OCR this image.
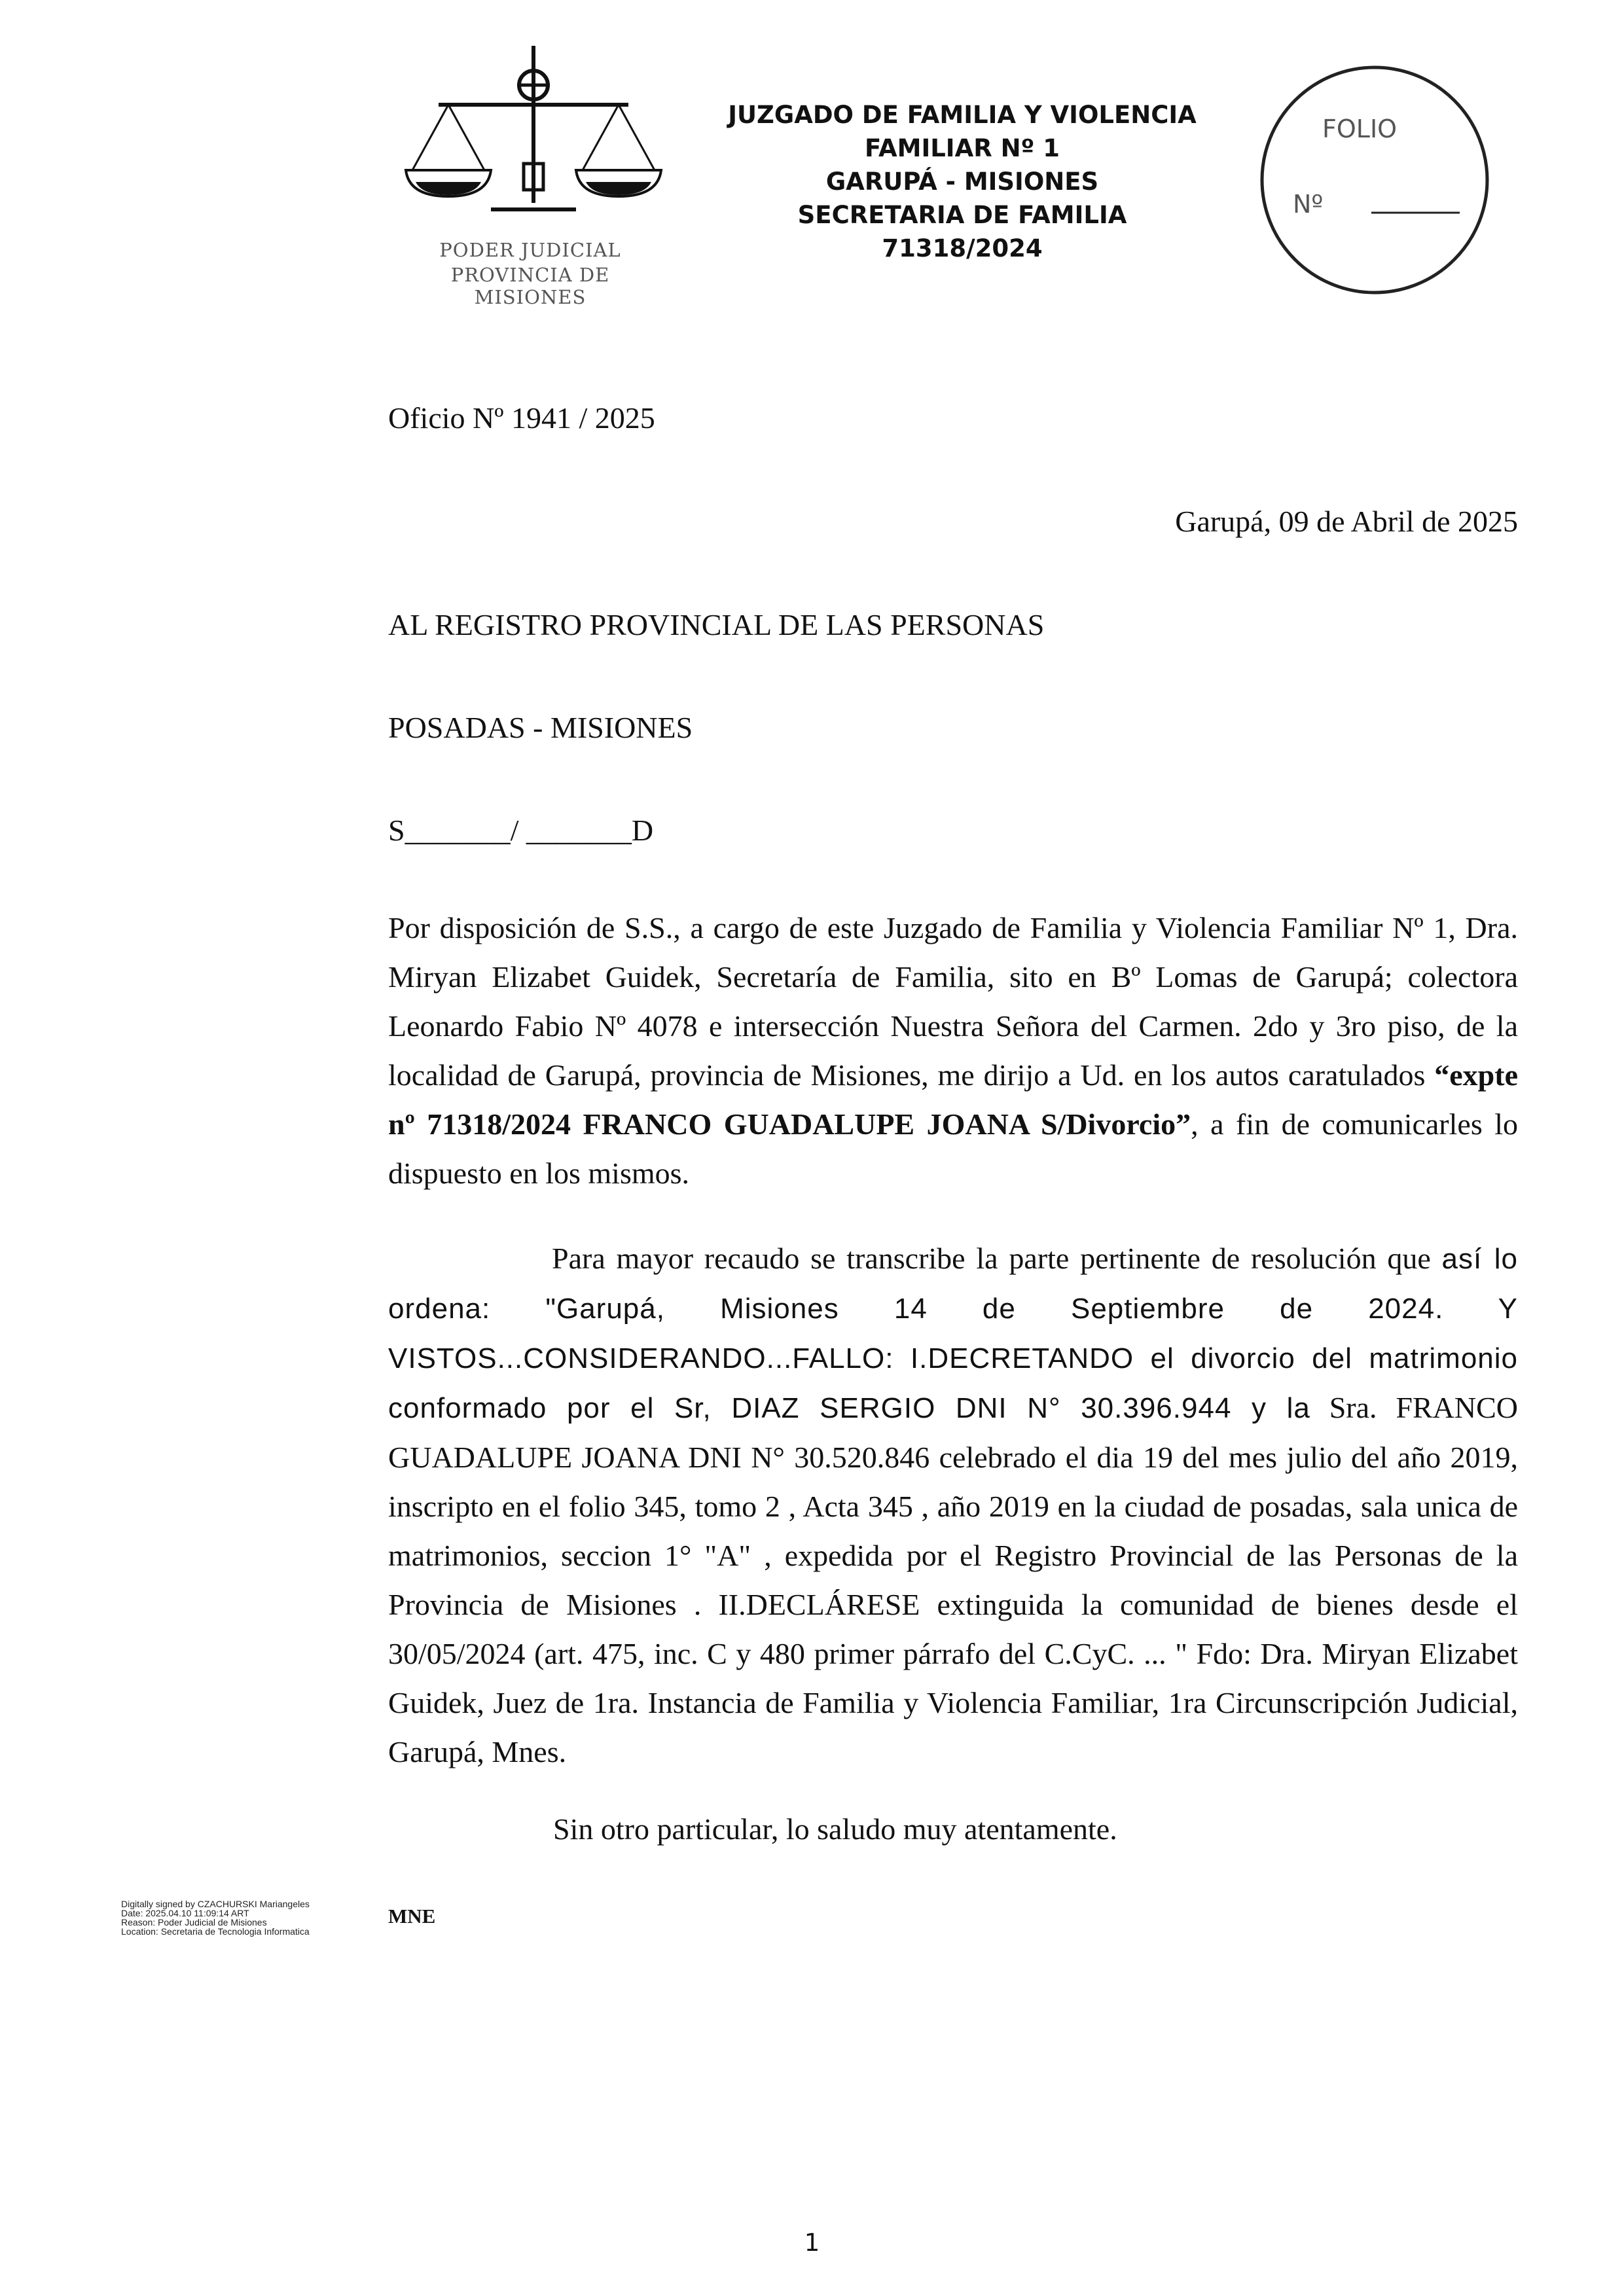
PODER JUDICIAL
PROVINCIA DE MISIONES
JUZGADO DE FAMILIA Y VIOLENCIA
FAMILIAR Nº 1
GARUPÁ - MISIONES
SECRETARIA DE FAMILIA
71318/2024
FOLIO
Nº
Oficio Nº 1941 / 2025
Garupá, 09 de Abril de 2025
AL REGISTRO PROVINCIAL DE LAS PERSONAS
POSADAS - MISIONES
S_______/ _______D
Por disposición de S.S., a cargo de este Juzgado de Familia y Violencia Familiar Nº 1, Dra. Miryan Elizabet Guidek, Secretaría de Familia, sito en Bº Lomas de Garupá; colectora Leonardo Fabio Nº 4078 e intersección Nuestra Señora del Carmen. 2do y 3ro piso, de la localidad de Garupá, provincia de Misiones, me dirijo a Ud. en los autos caratulados “expte nº 71318/2024 FRANCO GUADALUPE JOANA S/Divorcio”, a fin de comunicarles lo dispuesto en los mismos.
Para mayor recaudo se transcribe la parte pertinente de resolución que así lo ordena: "Garupá, Misiones 14 de Septiembre de 2024. Y VISTOS...CONSIDERANDO...FALLO: I.DECRETANDO el divorcio del matrimonio conformado por el Sr, DIAZ SERGIO DNI N° 30.396.944 y la Sra. FRANCO GUADALUPE JOANA DNI N° 30.520.846 celebrado el dia 19 del mes julio del año 2019, inscripto en el folio 345, tomo 2 , Acta 345 , año 2019 en la ciudad de posadas, sala unica de matrimonios, seccion 1° "A" , expedida por el Registro Provincial de las Personas de la Provincia de Misiones . II.DECLÁRESE extinguida la comunidad de bienes desde el 30/05/2024 (art. 475, inc. C y 480 primer párrafo del C.CyC. ... " Fdo: Dra. Miryan Elizabet Guidek, Juez de 1ra. Instancia de Familia y Violencia Familiar, 1ra Circunscripción Judicial, Garupá, Mnes.
Sin otro particular, lo saludo muy atentamente.
Digitally signed by CZACHURSKI Mariangeles
Date: 2025.04.10 11:09:14 ART
Reason: Poder Judicial de Misiones
Location: Secretaria de Tecnologia Informatica
MNE
1
